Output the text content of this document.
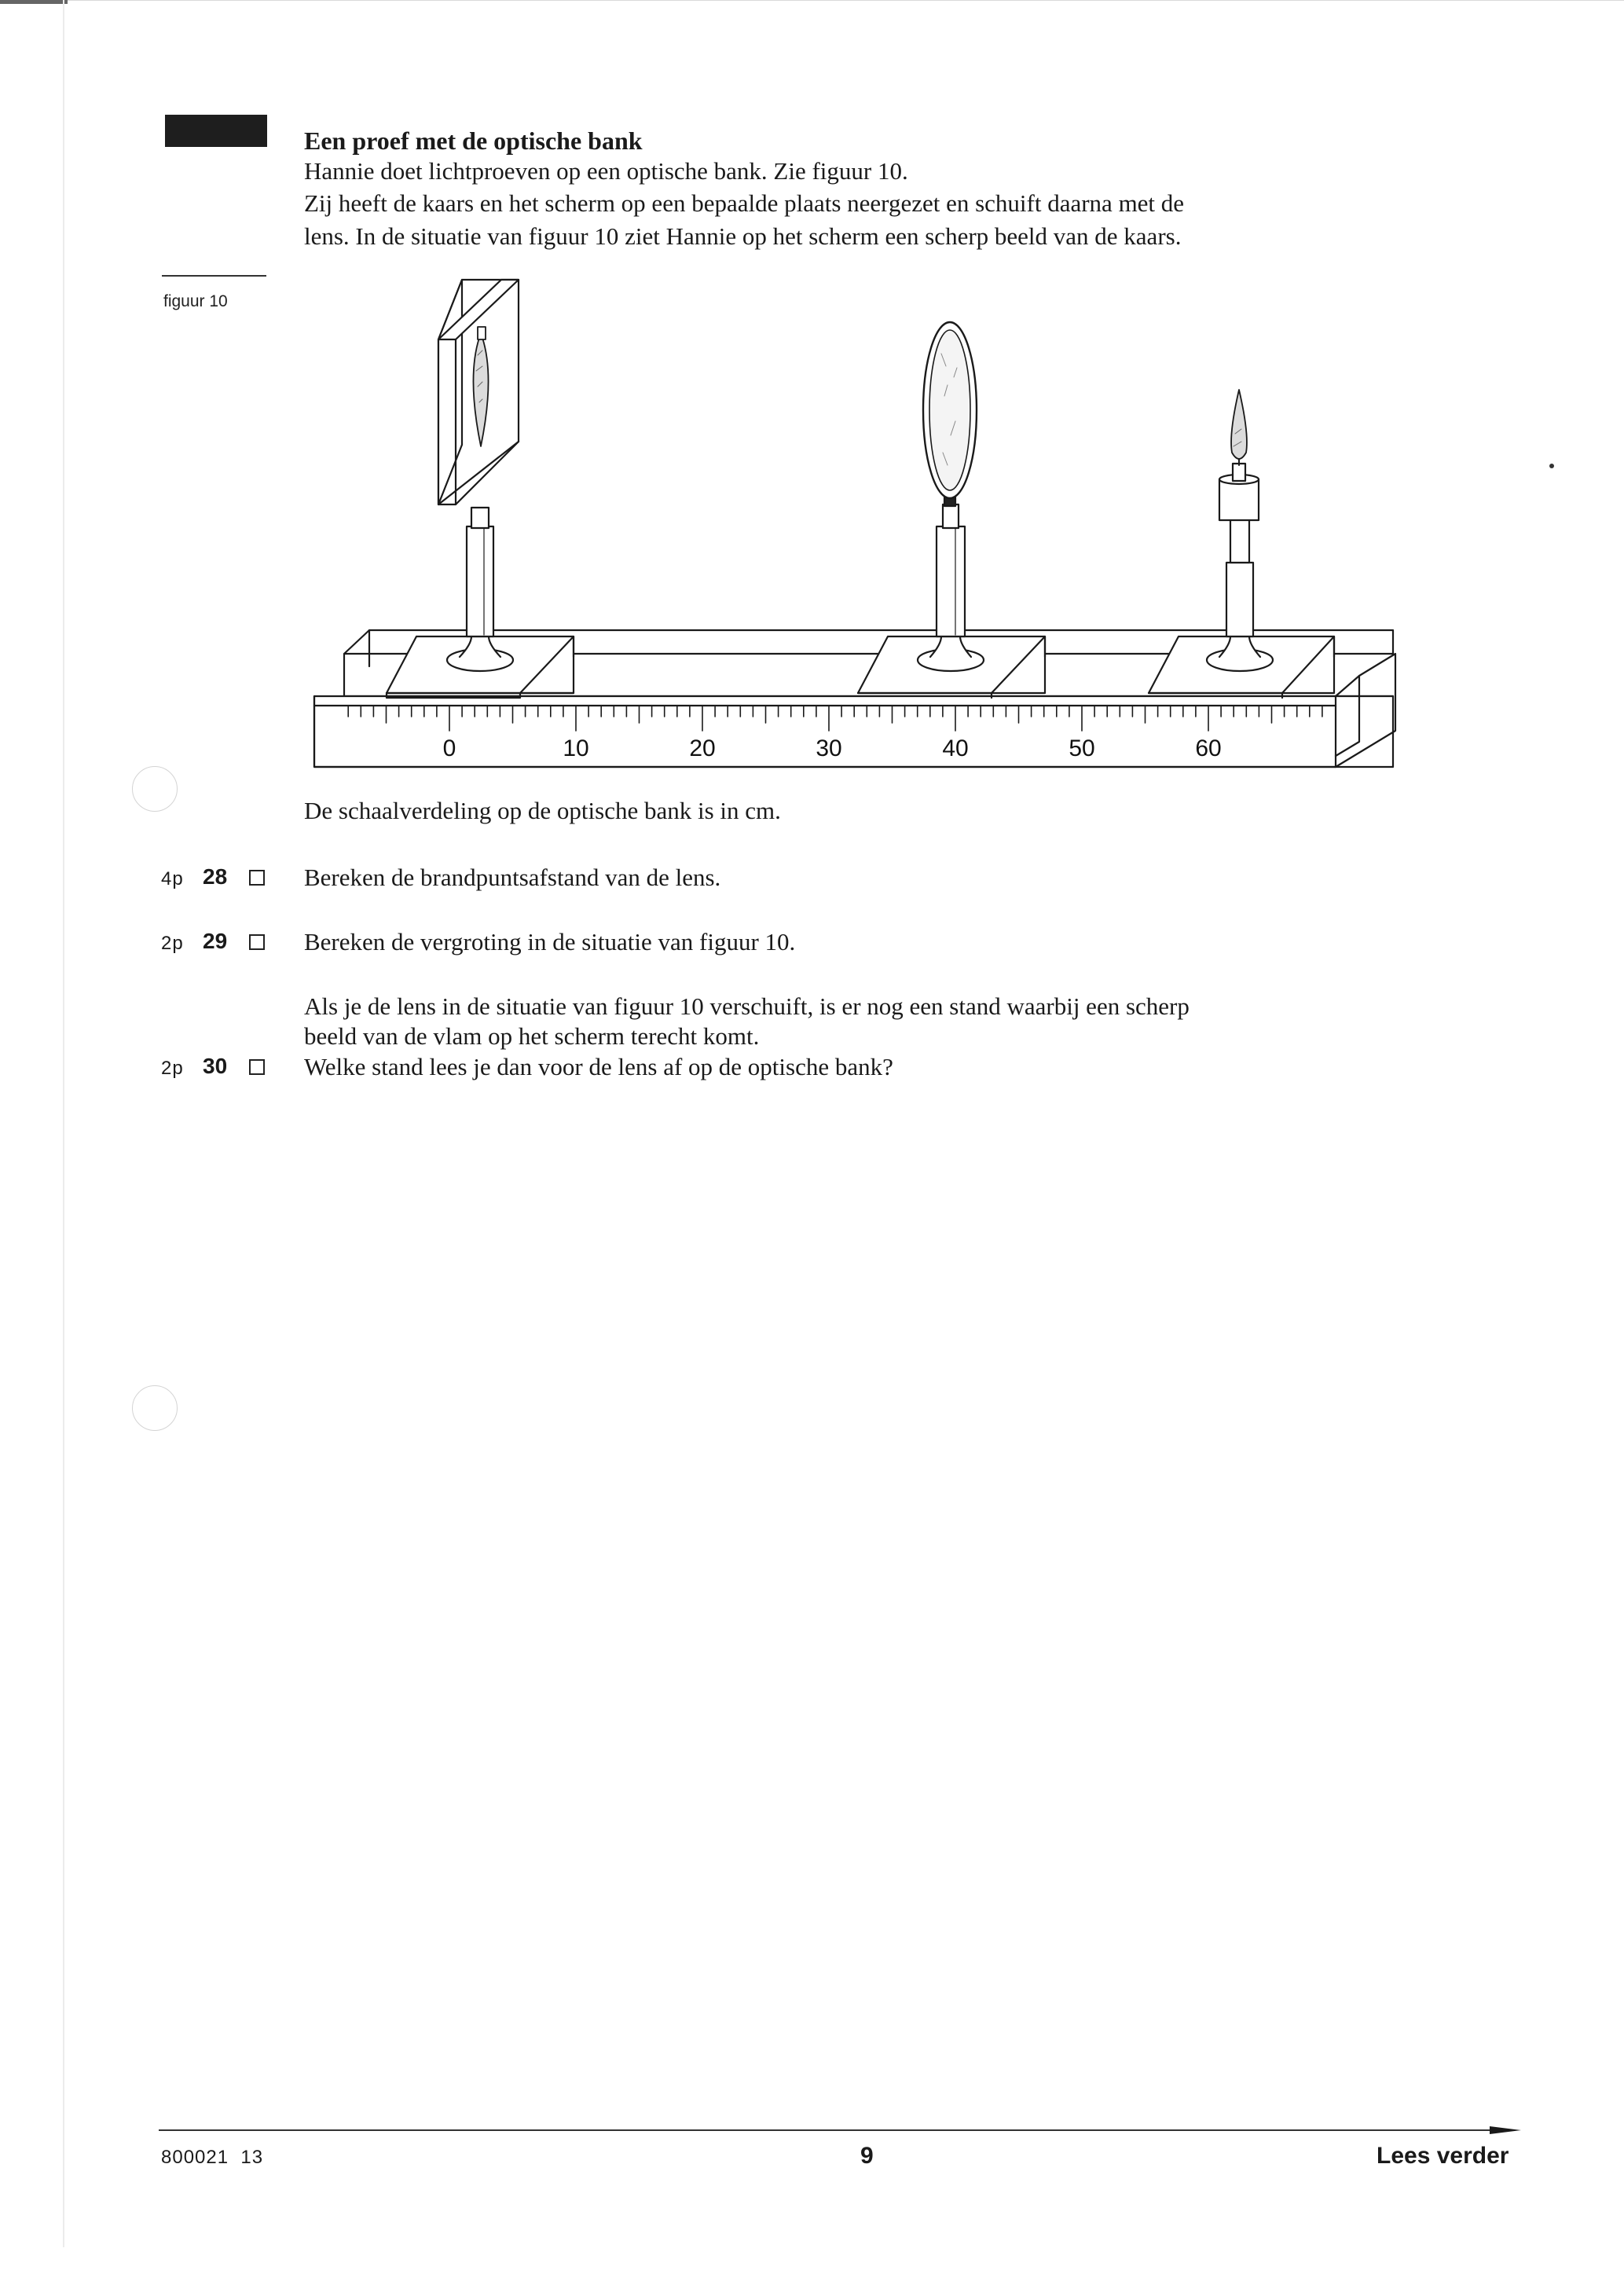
Een proef met de optische bank
Hannie doet lichtproeven op een optische bank. Zie figuur 10.
Zij heeft de kaars en het scherm op een bepaalde plaats neergezet en schuift daarna met de
lens. In de situatie van figuur 10 ziet Hannie op het scherm een scherp beeld van de kaars.
figuur 10
0	10	20	30	40	50	60
De schaalverdeling op de optische bank is in cm.
4p 28	Bereken de brandpuntsafstand van de lens.
2p 29	Bereken de vergroting in de situatie van figuur 10.
Als je de lens in de situatie van figuur 10 verschuift, is er nog een stand waarbij een scherp
beeld van de vlam op het scherm terecht komt.
2p 30	Welke stand lees je dan voor de lens af op de optische bank?
800021  13	9	Lees verder
